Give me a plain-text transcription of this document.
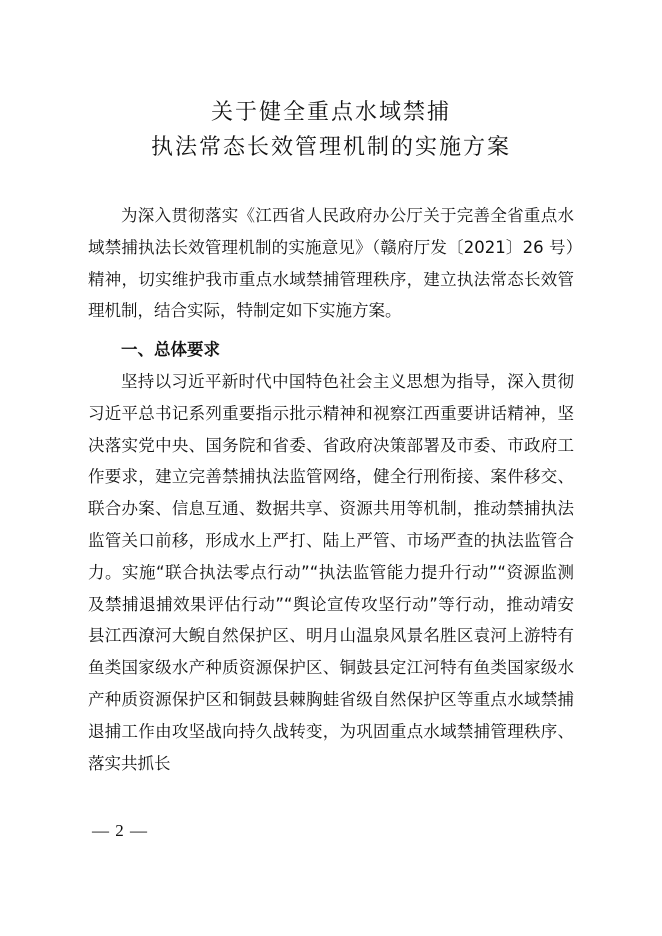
关于健全重点水域禁捕
执法常态长效管理机制的实施方案

为深入贯彻落实《江西省人民政府办公厅关于完善全省重点水域禁捕执法长效管理机制的实施意见》（赣府厅发〔2021〕26 号）精神，切实维护我市重点水域禁捕管理秩序，建立执法常态长效管理机制，结合实际，特制定如下实施方案。

一、总体要求

坚持以习近平新时代中国特色社会主义思想为指导，深入贯彻习近平总书记系列重要指示批示精神和视察江西重要讲话精神，坚决落实党中央、国务院和省委、省政府决策部署及市委、市政府工作要求，建立完善禁捕执法监管网络，健全行刑衔接、案件移交、联合办案、信息互通、数据共享、资源共用等机制，推动禁捕执法监管关口前移，形成水上严打、陆上严管、市场严查的执法监管合力。实施“联合执法零点行动”“执法监管能力提升行动”“资源监测及禁捕退捕效果评估行动”“舆论宣传攻坚行动”等行动，推动靖安县江西潦河大鲵自然保护区、明月山温泉风景名胜区袁河上游特有鱼类国家级水产种质资源保护区、铜鼓县定江河特有鱼类国家级水产种质资源保护区和铜鼓县棘胸蛙省级自然保护区等重点水域禁捕退捕工作由攻坚战向持久战转变，为巩固重点水域禁捕管理秩序、落实共抓长

— 2 —
